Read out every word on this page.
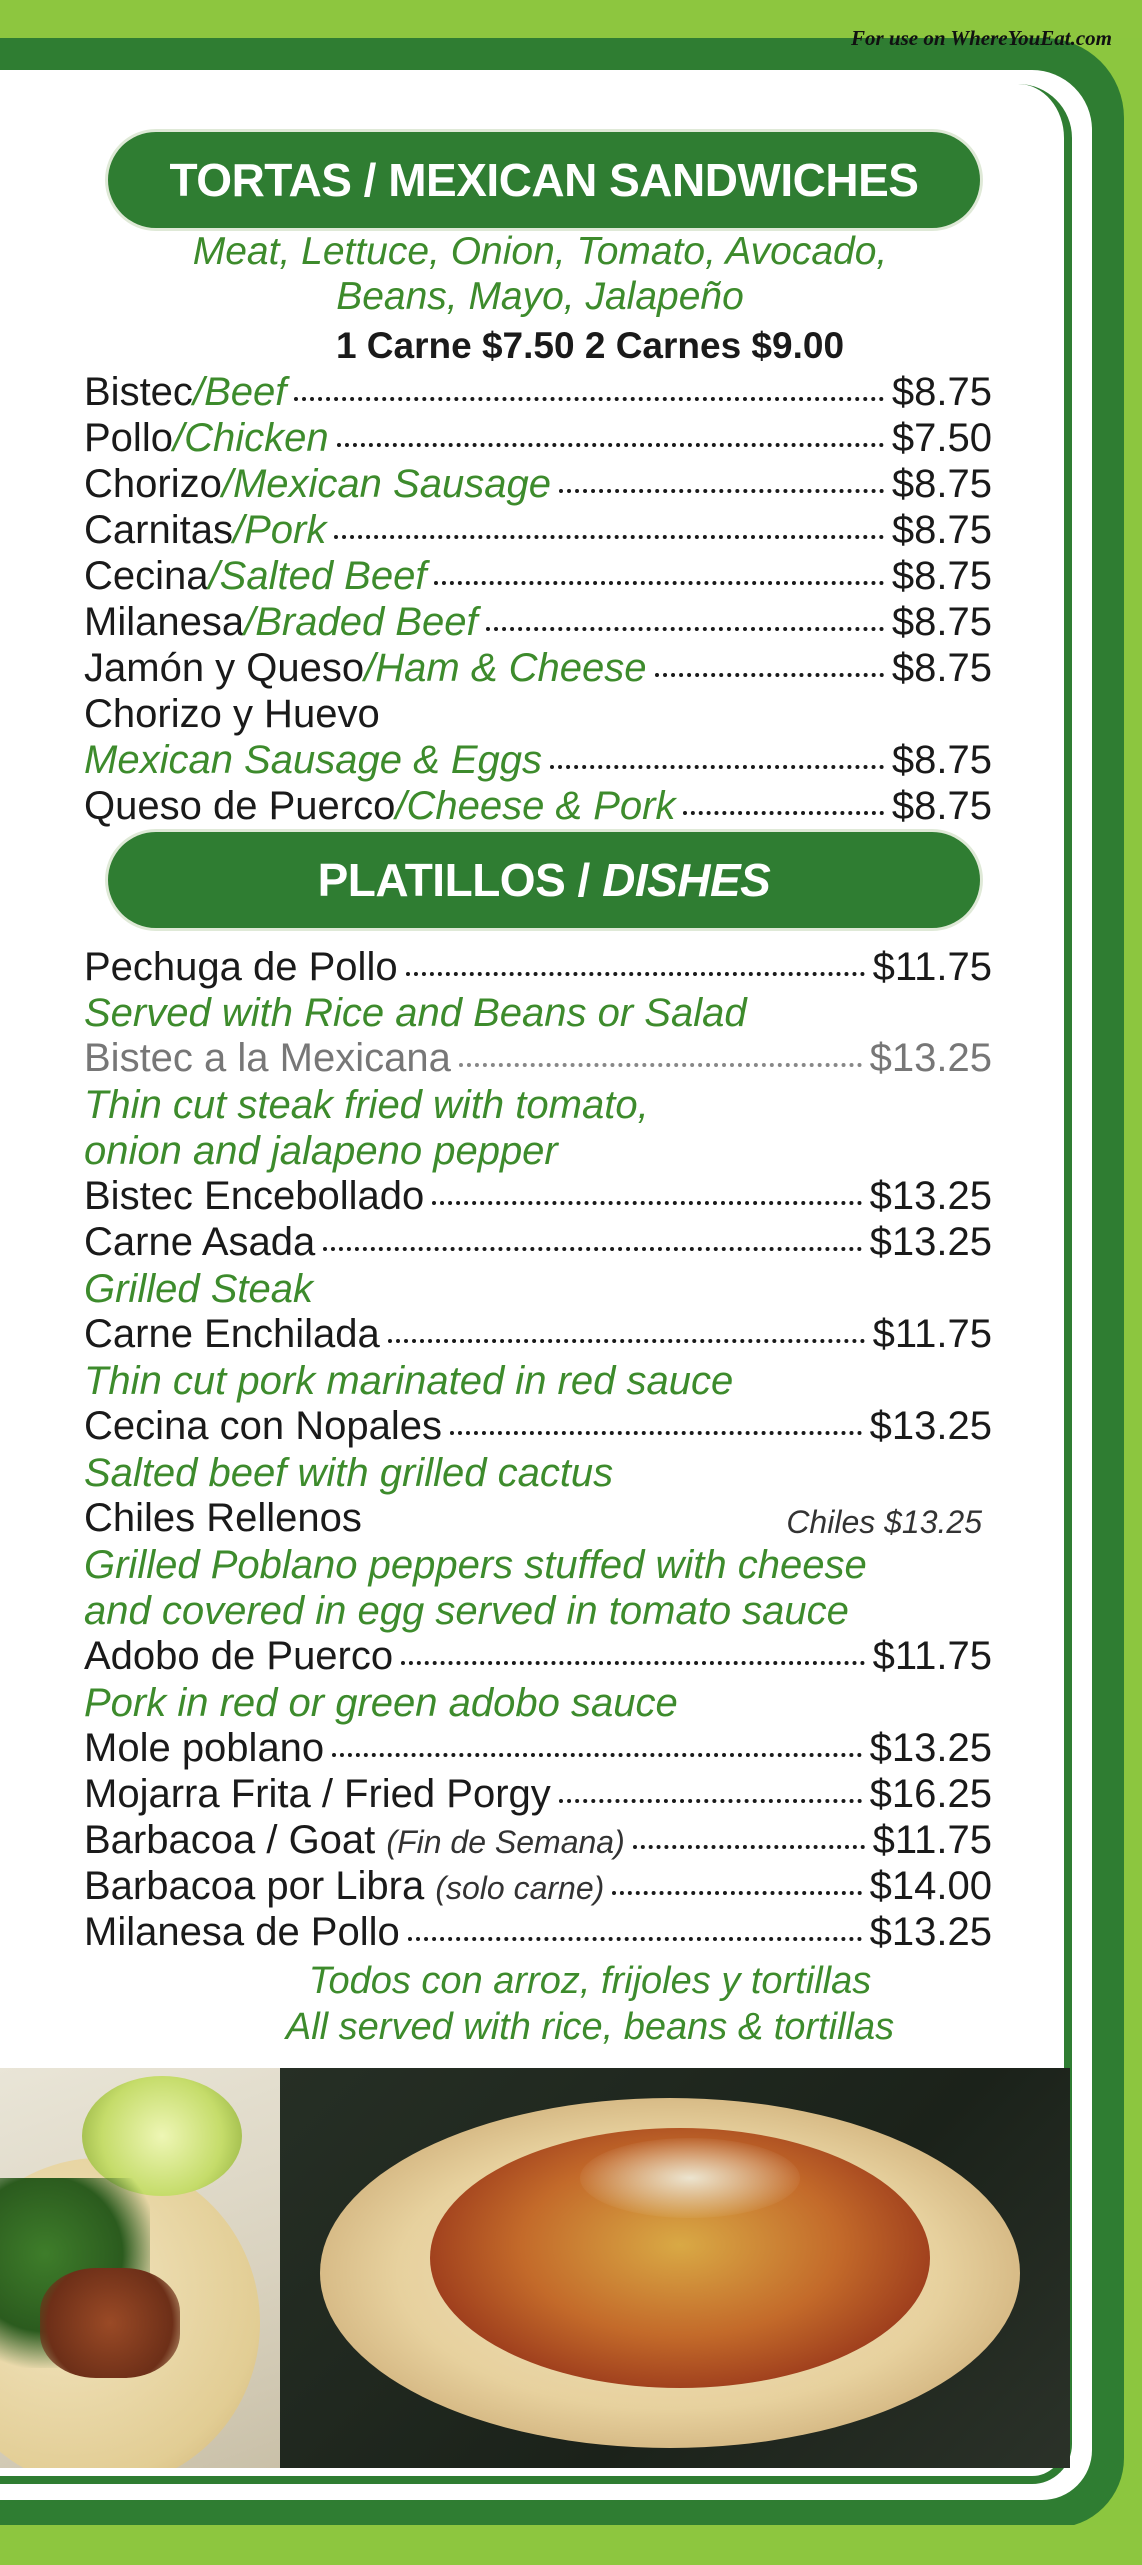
For use on WhereYouEat.com
TORTAS / MEXICAN SANDWICHES
Meat, Lettuce, Onion, Tomato, Avocado,
Beans, Mayo, Jalapeño
1 Carne $7.50 2 Carnes $9.00
Bistec / Beef	$8.75
Pollo / Chicken	$7.50
Chorizo / Mexican Sausage	$8.75
Carnitas / Pork	$8.75
Cecina / Salted Beef	$8.75
Milanesa / Braded Beef	$8.75
Jamón y Queso / Ham & Cheese	$8.75
Chorizo y Huevo
Mexican Sausage & Eggs	$8.75
Queso de Puerco / Cheese & Pork	$8.75
PLATILLOS /
DISHES
Pechuga de Pollo	$11.75
Served with Rice and Beans or Salad
Bistec a la Mexicana	$13.25
Thin cut steak fried with tomato,
onion and jalapeno pepper
Bistec Encebollado	$13.25
Carne Asada	$13.25
Grilled Steak
Carne Enchilada	$11.75
Thin cut pork marinated in red sauce
Cecina con Nopales	$13.25
Salted beef with grilled cactus
Chiles Rellenos	Chiles $13.25
Grilled Poblano peppers stuffed with cheese
and covered in egg served in tomato sauce
Adobo de Puerco	$11.75
Pork in red or green adobo sauce
Mole poblano	$13.25
Mojarra Frita / Fried Porgy	$16.25
Barbacoa / Goat
(Fin de Semana)	$11.75
Barbacoa por Libra
(solo carne)	$14.00
Milanesa de Pollo	$13.25
Todos con arroz, frijoles y tortillas
All served with rice, beans & tortillas
